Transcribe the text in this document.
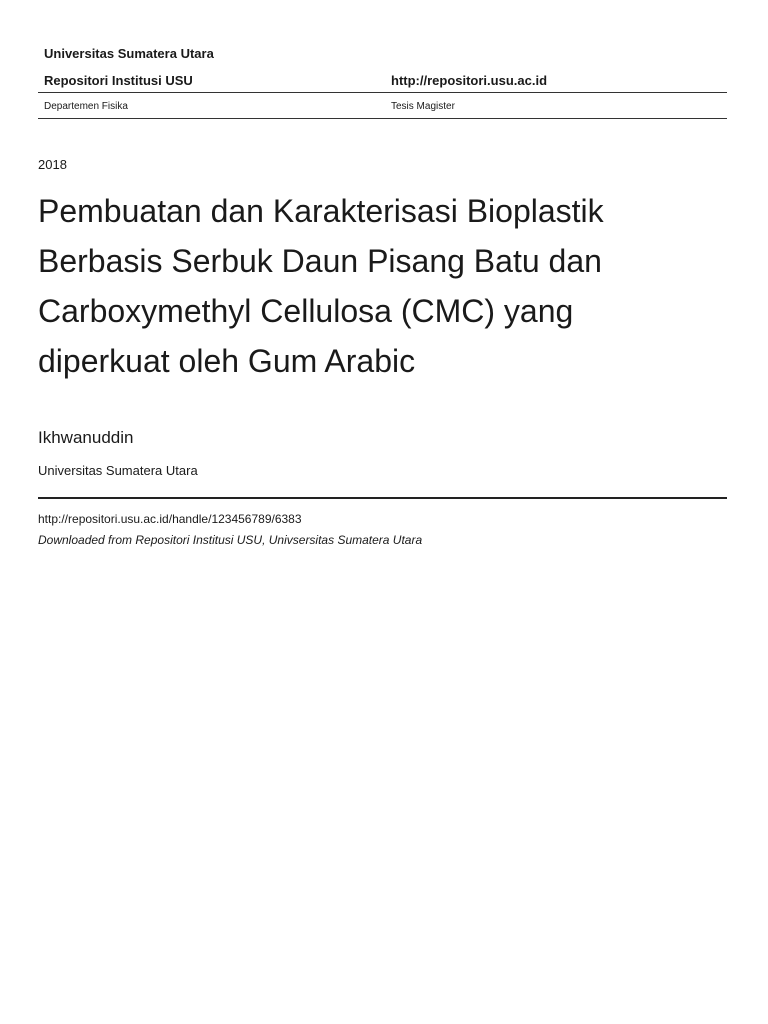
Universitas Sumatera Utara
Repositori Institusi USU	http://repositori.usu.ac.id
Departemen Fisika	Tesis Magister
2018
Pembuatan dan Karakterisasi Bioplastik
Berbasis Serbuk Daun Pisang Batu dan
Carboxymethyl Cellulosa (CMC) yang
diperkuat oleh Gum Arabic
Ikhwanuddin
Universitas Sumatera Utara
http://repositori.usu.ac.id/handle/123456789/6383
Downloaded from Repositori Institusi USU, Univsersitas Sumatera Utara
